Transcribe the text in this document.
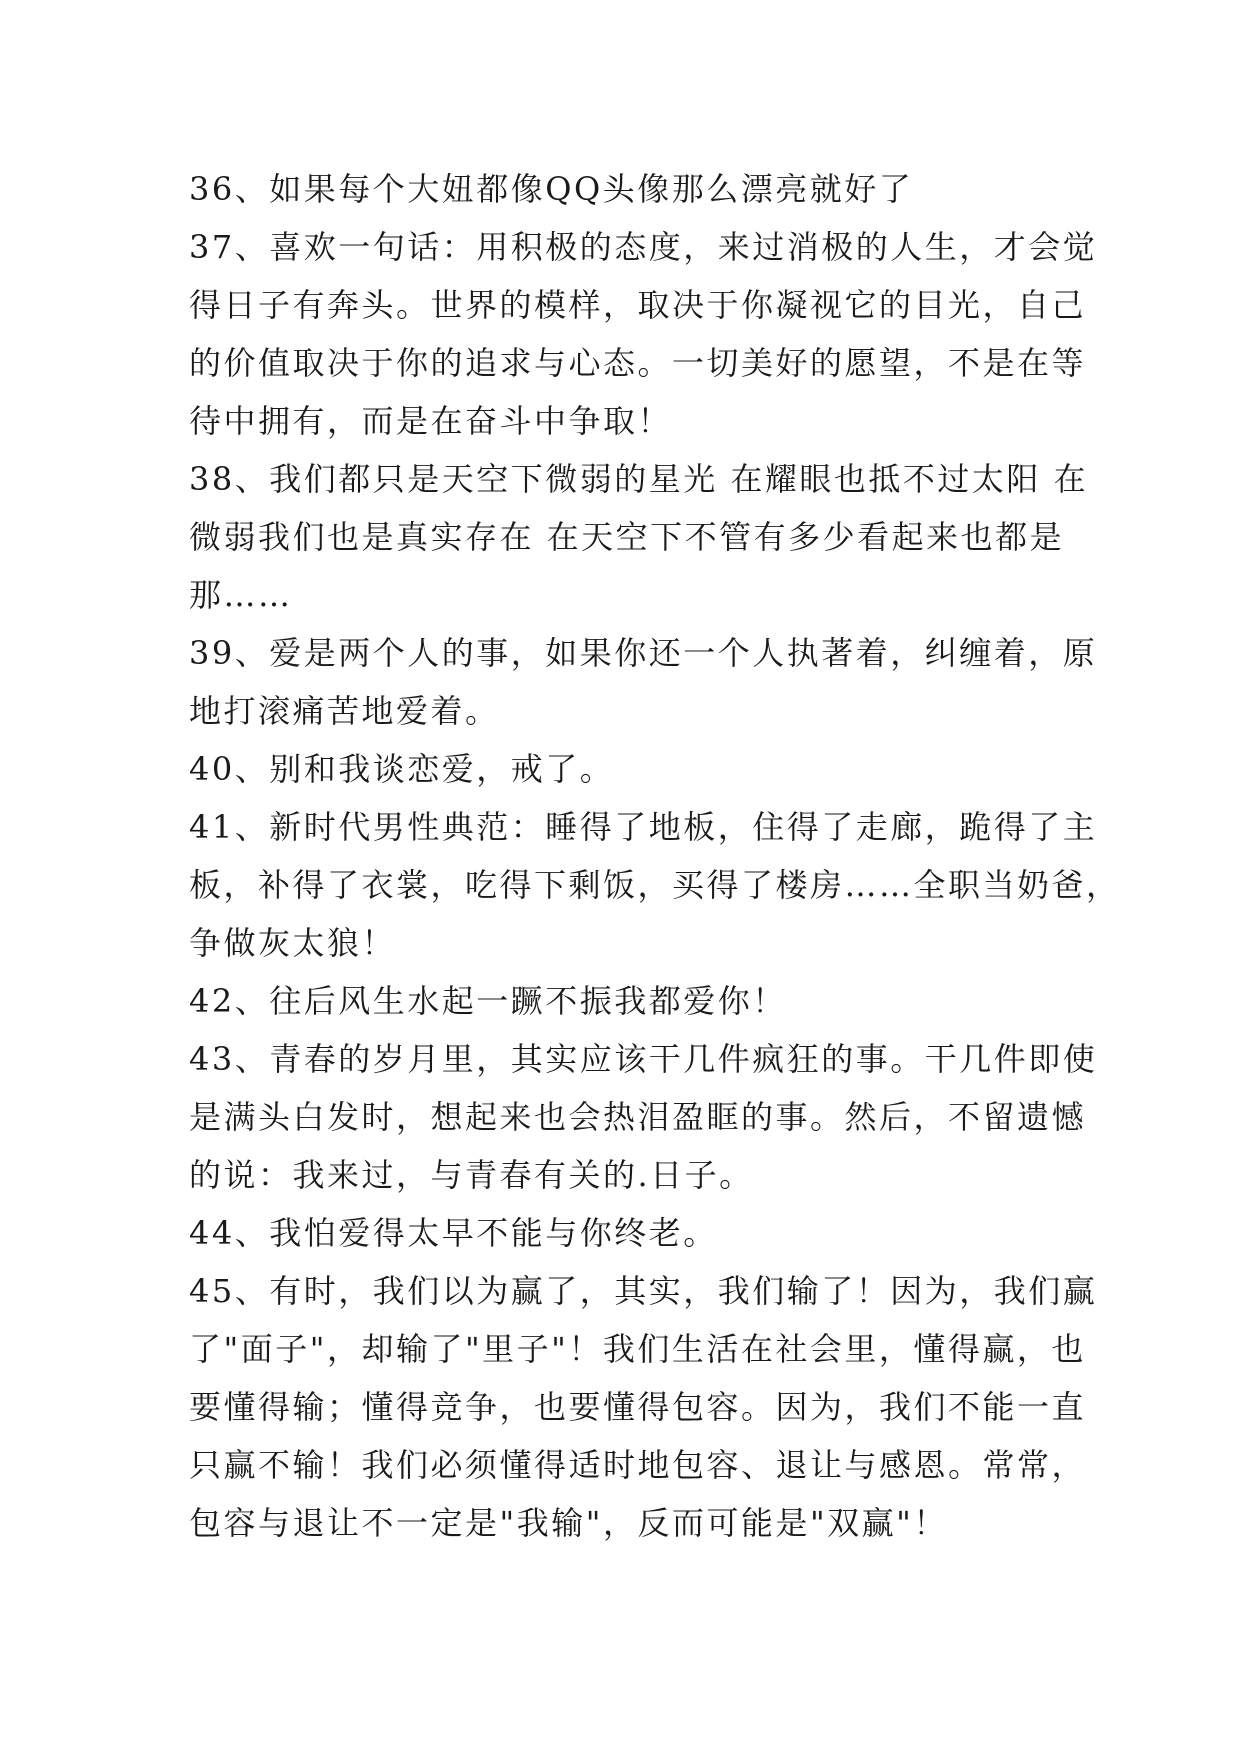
36、如果每个大妞都像QQ头像那么漂亮就好了
37、喜欢一句话：用积极的态度，来过消极的人生，才会觉
得日子有奔头。世界的模样，取决于你凝视它的目光，自己
的价值取决于你的追求与心态。一切美好的愿望，不是在等
待中拥有，而是在奋斗中争取！
38、我们都只是天空下微弱的星光 在耀眼也抵不过太阳 在
微弱我们也是真实存在 在天空下不管有多少看起来也都是
那……
39、爱是两个人的事，如果你还一个人执著着，纠缠着，原
地打滚痛苦地爱着。
40、别和我谈恋爱，戒了。
41、新时代男性典范：睡得了地板，住得了走廊，跪得了主
板，补得了衣裳，吃得下剩饭，买得了楼房……全职当奶爸，
争做灰太狼！
42、往后风生水起一蹶不振我都爱你！
43、青春的岁月里，其实应该干几件疯狂的事。干几件即使
是满头白发时，想起来也会热泪盈眶的事。然后，不留遗憾
的说：我来过，与青春有关的.日子。
44、我怕爱得太早不能与你终老。
45、有时，我们以为赢了，其实，我们输了！因为，我们赢
了"面子"，却输了"里子"！我们生活在社会里，懂得赢，也
要懂得输；懂得竞争，也要懂得包容。因为，我们不能一直
只赢不输！我们必须懂得适时地包容、退让与感恩。常常，
包容与退让不一定是"我输"，反而可能是"双赢"！
